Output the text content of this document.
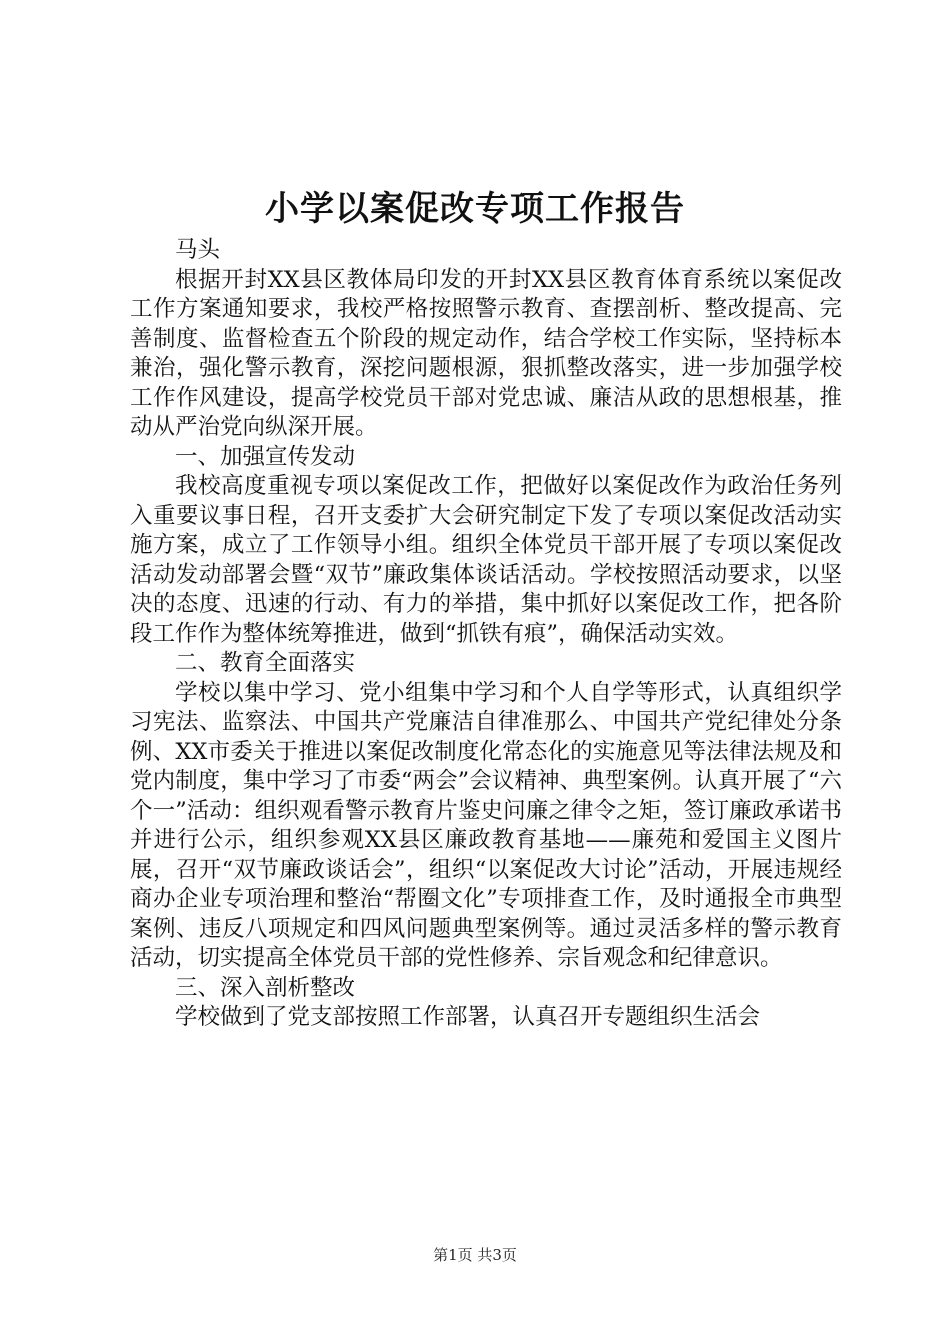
小学以案促改专项工作报告

马头

根据开封XX县区教体局印发的开封XX县区教育体育系统以案促改工作方案通知要求，我校严格按照警示教育、查摆剖析、整改提高、完善制度、监督检查五个阶段的规定动作，结合学校工作实际，坚持标本兼治，强化警示教育，深挖问题根源，狠抓整改落实，进一步加强学校工作作风建设，提高学校党员干部对党忠诚、廉洁从政的思想根基，推动从严治党向纵深开展。

一、加强宣传发动

我校高度重视专项以案促改工作，把做好以案促改作为政治任务列入重要议事日程，召开支委扩大会研究制定下发了专项以案促改活动实施方案，成立了工作领导小组。组织全体党员干部开展了专项以案促改活动发动部署会暨“双节”廉政集体谈话活动。学校按照活动要求，以坚决的态度、迅速的行动、有力的举措，集中抓好以案促改工作，把各阶段工作作为整体统筹推进，做到“抓铁有痕”，确保活动实效。

二、教育全面落实

学校以集中学习、党小组集中学习和个人自学等形式，认真组织学习宪法、监察法、中国共产党廉洁自律准那么、中国共产党纪律处分条例、XX市委关于推进以案促改制度化常态化的实施意见等法律法规及和党内制度，集中学习了市委“两会”会议精神、典型案例。认真开展了“六个一”活动：组织观看警示教育片鉴史问廉之律令之矩，签订廉政承诺书并进行公示，组织参观XX县区廉政教育基地——廉苑和爱国主义图片展，召开“双节廉政谈话会”，组织“以案促改大讨论”活动，开展违规经商办企业专项治理和整治“帮圈文化”专项排查工作，及时通报全市典型案例、违反八项规定和四风问题典型案例等。通过灵活多样的警示教育活动，切实提高全体党员干部的党性修养、宗旨观念和纪律意识。

三、深入剖析整改

学校做到了党支部按照工作部署，认真召开专题组织生活会

第1页 共3页
